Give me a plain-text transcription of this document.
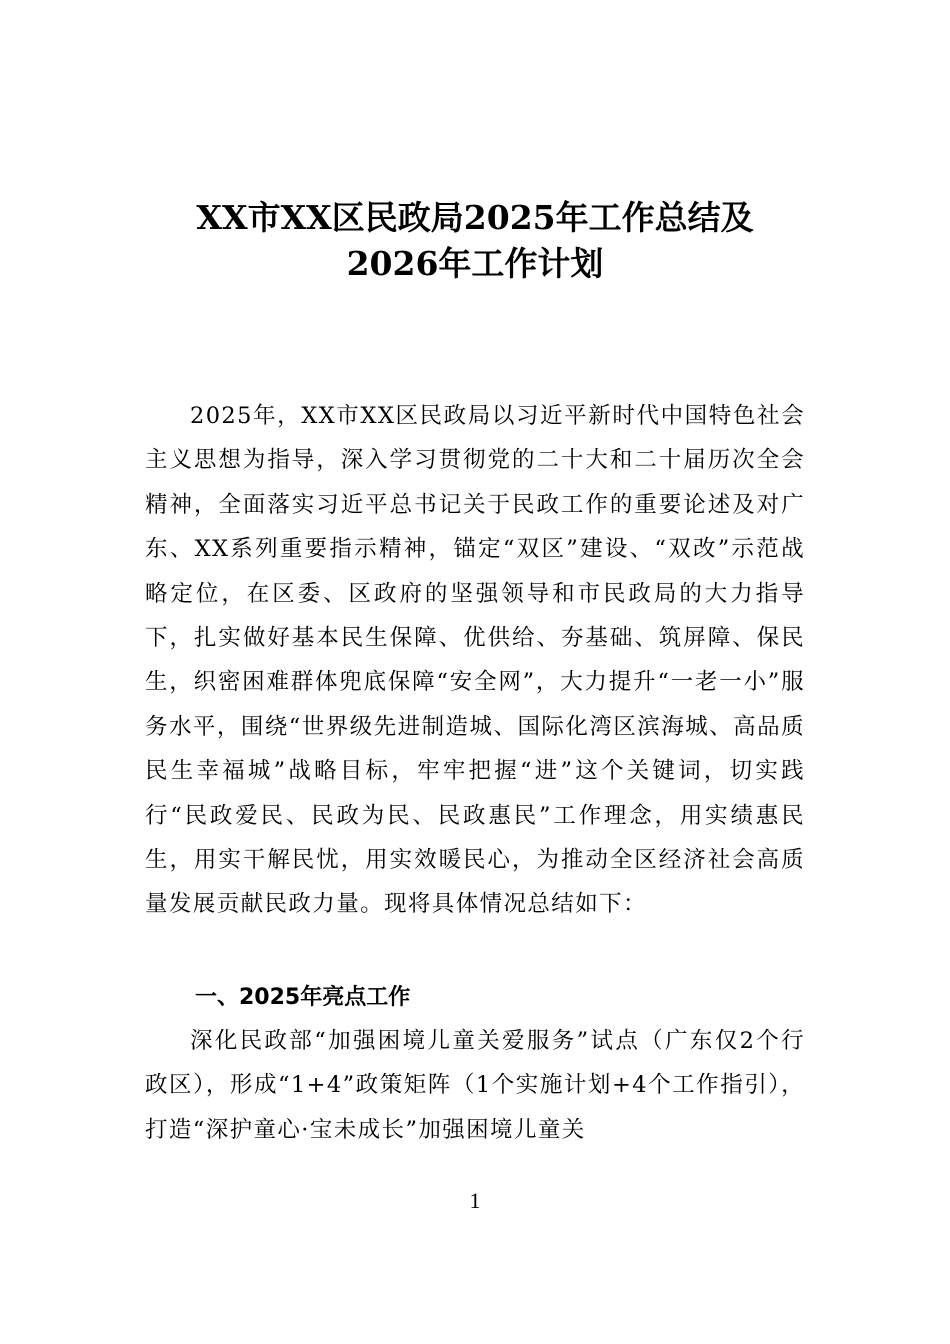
XX市XX区民政局2025年工作总结及
2026年工作计划

2025年，XX市XX区民政局以习近平新时代中国特色社会主义思想为指导，深入学习贯彻党的二十大和二十届历次全会精神，全面落实习近平总书记关于民政工作的重要论述及对广东、XX系列重要指示精神，锚定“双区”建设、“双改”示范战略定位，在区委、区政府的坚强领导和市民政局的大力指导下，扎实做好基本民生保障、优供给、夯基础、筑屏障、保民生，织密困难群体兜底保障“安全网”，大力提升“一老一小”服务水平，围绕“世界级先进制造城、国际化湾区滨海城、高品质民生幸福城”战略目标，牢牢把握“进”这个关键词，切实践行“民政爱民、民政为民、民政惠民”工作理念，用实绩惠民生，用实干解民忧，用实效暖民心，为推动全区经济社会高质量发展贡献民政力量。现将具体情况总结如下：

一、2025年亮点工作

深化民政部“加强困境儿童关爱服务”试点（广东仅2个行政区），形成“1+4”政策矩阵（1个实施计划+4个工作指引），打造“深护童心·宝未成长”加强困境儿童关

1
